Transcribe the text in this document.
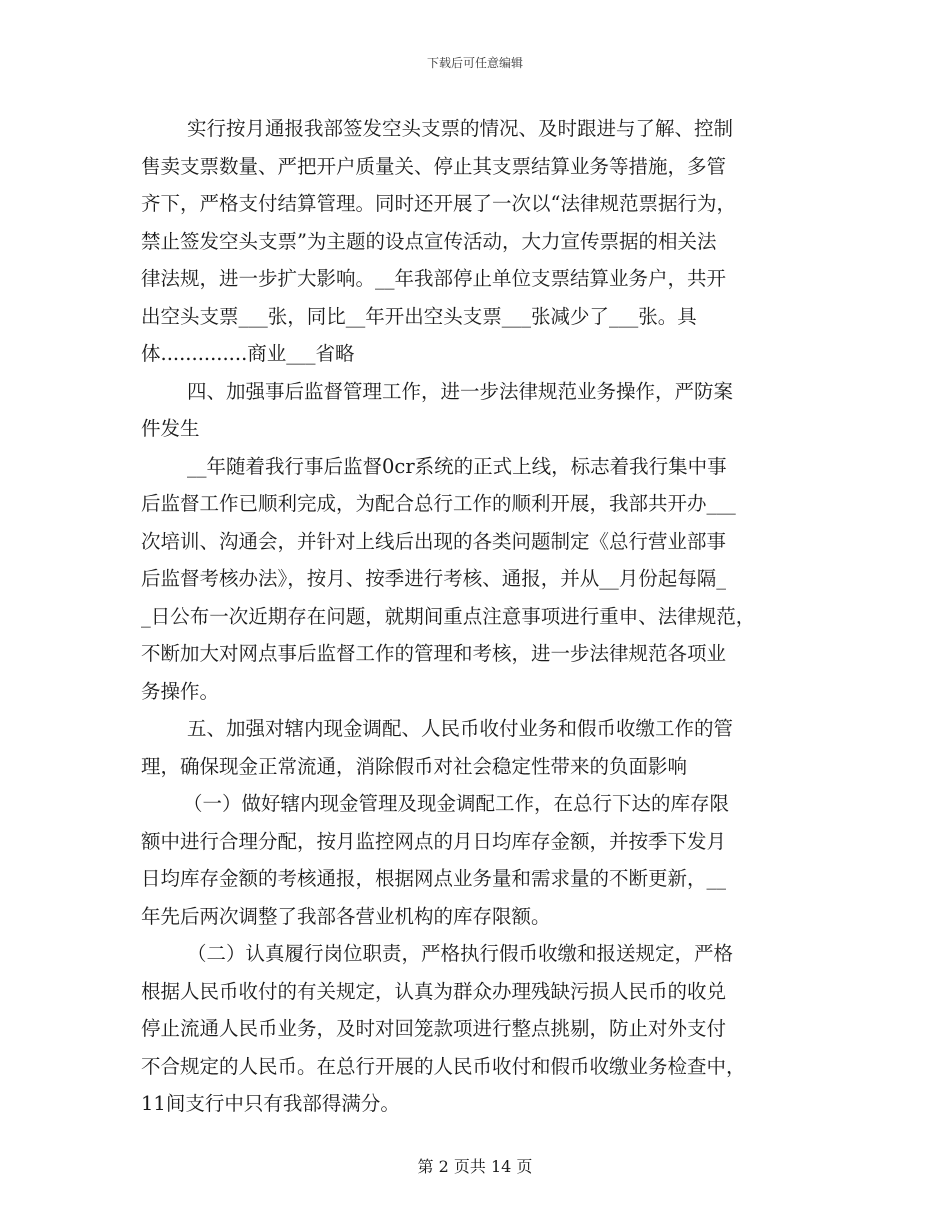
下载后可任意编辑
实行按月通报我部签发空头支票的情况、及时跟进与了解、控制
售卖支票数量、严把开户质量关、停止其支票结算业务等措施，多管
齐下，严格支付结算管理。同时还开展了一次以“法律规范票据行为，
禁止签发空头支票”为主题的设点宣传活动，大力宣传票据的相关法
律法规，进一步扩大影响。__年我部停止单位支票结算业务户，共开
出空头支票___张，同比__年开出空头支票___张减少了___张。具
体..............商业___省略
四、加强事后监督管理工作，进一步法律规范业务操作，严防案
件发生
__年随着我行事后监督0cr系统的正式上线，标志着我行集中事
后监督工作已顺利完成，为配合总行工作的顺利开展，我部共开办___
次培训、沟通会，并针对上线后出现的各类问题制定《总行营业部事
后监督考核办法》，按月、按季进行考核、通报，并从__月份起每隔_
_日公布一次近期存在问题，就期间重点注意事项进行重申、法律规范，
不断加大对网点事后监督工作的管理和考核，进一步法律规范各项业
务操作。
五、加强对辖内现金调配、人民币收付业务和假币收缴工作的管
理，确保现金正常流通，消除假币对社会稳定性带来的负面影响
（一）做好辖内现金管理及现金调配工作，在总行下达的库存限
额中进行合理分配，按月监控网点的月日均库存金额，并按季下发月
日均库存金额的考核通报，根据网点业务量和需求量的不断更新，__
年先后两次调整了我部各营业机构的库存限额。
（二）认真履行岗位职责，严格执行假币收缴和报送规定，严格
根据人民币收付的有关规定，认真为群众办理残缺污损人民币的收兑
停止流通人民币业务，及时对回笼款项进行整点挑剔，防止对外支付
不合规定的人民币。在总行开展的人民币收付和假币收缴业务检查中，
11间支行中只有我部得满分。
第 2 页共 14 页
